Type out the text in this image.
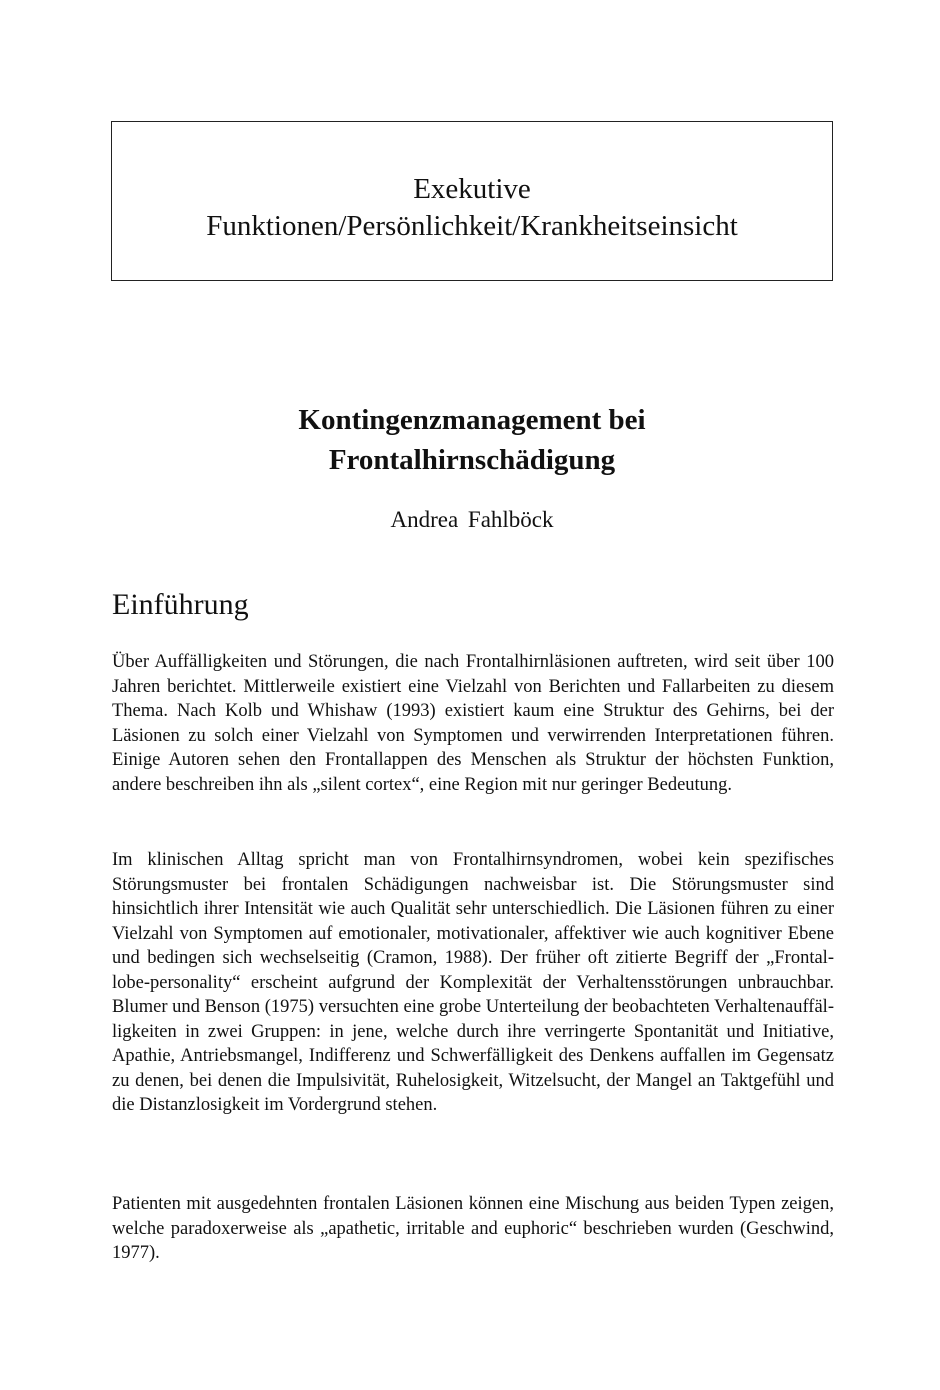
Exekutive
Funktionen/Persönlichkeit/Krankheitseinsicht
Kontingenzmanagement bei
Frontalhirnschädigung
Andrea Fahlböck
Einführung

Über Auffälligkeiten und Störungen, die nach Frontalhirnläsionen auftreten, wird seit über 100 Jahren berichtet. Mittlerweile existiert eine Vielzahl von Berichten und Fallarbeiten zu diesem Thema. Nach Kolb und Whishaw (1993) existiert kaum eine Struktur des Gehirns, bei der Läsionen zu solch einer Vielzahl von Symptomen und verwirrenden Interpretationen führen. Einige Autoren sehen den Frontallappen des Menschen als Struktur der höchsten Funktion, andere beschreiben ihn als „silent cortex“, eine Region mit nur geringer Bedeutung.

Im klinischen Alltag spricht man von Frontalhirnsyndromen, wobei kein spezifisches Störungsmuster bei frontalen Schädigungen nachweisbar ist. Die Störungsmuster sind hinsichtlich ihrer Intensität wie auch Qualität sehr unterschiedlich. Die Läsionen führen zu einer Vielzahl von Symptomen auf emotionaler, motivationaler, affektiver wie auch kognitiver Ebene und bedingen sich wechselseitig (Cramon, 1988). Der früher oft zitierte Begriff der „Frontal-lobe-personality“ erscheint aufgrund der Komplexität der Verhaltensstörungen unbrauchbar. Blumer und Benson (1975) versuchten eine grobe Unterteilung der beobachteten Verhaltenauffälligkeiten in zwei Gruppen: in jene, welche durch ihre verringerte Spontanität und Initiative, Apathie, Antriebsmangel, Indifferenz und Schwerfälligkeit des Denkens auffallen im Gegensatz zu denen, bei denen die Impulsivität, Ruhelosigkeit, Witzelsucht, der Mangel an Taktgefühl und die Distanzlosigkeit im Vordergrund stehen.

Patienten mit ausgedehnten frontalen Läsionen können eine Mischung aus beiden Typen zeigen, welche paradoxerweise als „apathetic, irritable and euphoric“ beschrieben wurden (Geschwind, 1977).
